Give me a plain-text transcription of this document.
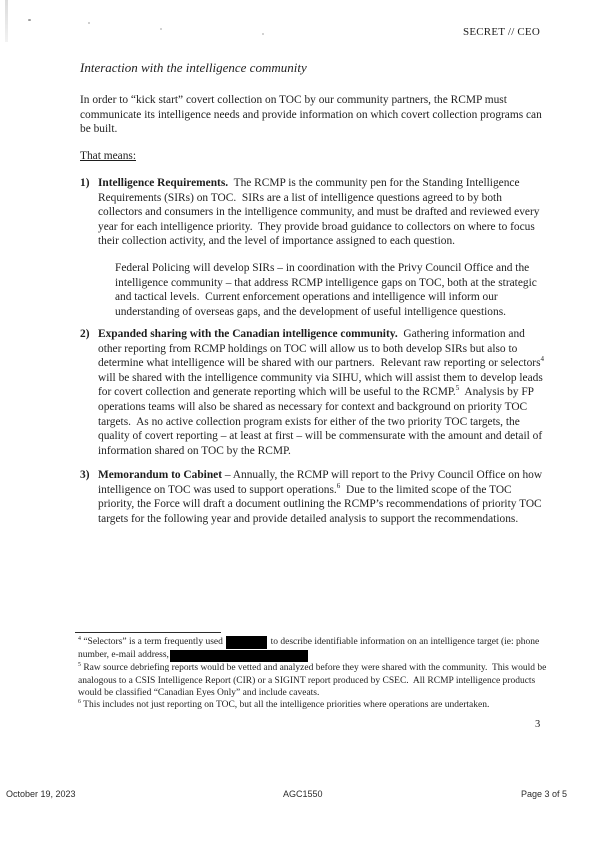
SECRET // CEO
Interaction with the intelligence community
In order to “kick start” covert collection on TOC by our community partners, the RCMP must communicate its intelligence needs and provide information on which covert collection programs can be built.
That means:
1) Intelligence Requirements.  The RCMP is the community pen for the Standing Intelligence Requirements (SIRs) on TOC.  SIRs are a list of intelligence questions agreed to by both collectors and consumers in the intelligence community, and must be drafted and reviewed every year for each intelligence priority.  They provide broad guidance to collectors on where to focus their collection activity, and the level of importance assigned to each question.
Federal Policing will develop SIRs – in coordination with the Privy Council Office and the intelligence community – that address RCMP intelligence gaps on TOC, both at the strategic and tactical levels.  Current enforcement operations and intelligence will inform our understanding of overseas gaps, and the development of useful intelligence questions.
2) Expanded sharing with the Canadian intelligence community.  Gathering information and other reporting from RCMP holdings on TOC will allow us to both develop SIRs but also to determine what intelligence will be shared with our partners.  Relevant raw reporting or selectors$^4$ will be shared with the intelligence community via SIHU, which will assist them to develop leads for covert collection and generate reporting which will be useful to the RCMP.$^5$  Analysis by FP operations teams will also be shared as necessary for context and background on priority TOC targets.  As no active collection program exists for either of the two priority TOC targets, the quality of covert reporting – at least at first – will be commensurate with the amount and detail of information shared on TOC by the RCMP.
3) Memorandum to Cabinet – Annually, the RCMP will report to the Privy Council Office on how intelligence on TOC was used to support operations.$^6$  Due to the limited scope of the TOC priority, the Force will draft a document outlining the RCMP’s recommendations of priority TOC targets for the following year and provide detailed analysis to support the recommendations.
$^4$ “Selectors” is a term frequently used	to describe identifiable information on an intelligence target (ie: phone number, e-mail address,
$^5$ Raw source debriefing reports would be vetted and analyzed before they were shared with the community.  This would be analogous to a CSIS Intelligence Report (CIR) or a SIGINT report produced by CSEC.  All RCMP intelligence products would be classified “Canadian Eyes Only” and include caveats.
$^6$ This includes not just reporting on TOC, but all the intelligence priorities where operations are undertaken.
3
October 19, 2023	AGC1550	Page 3 of 5
